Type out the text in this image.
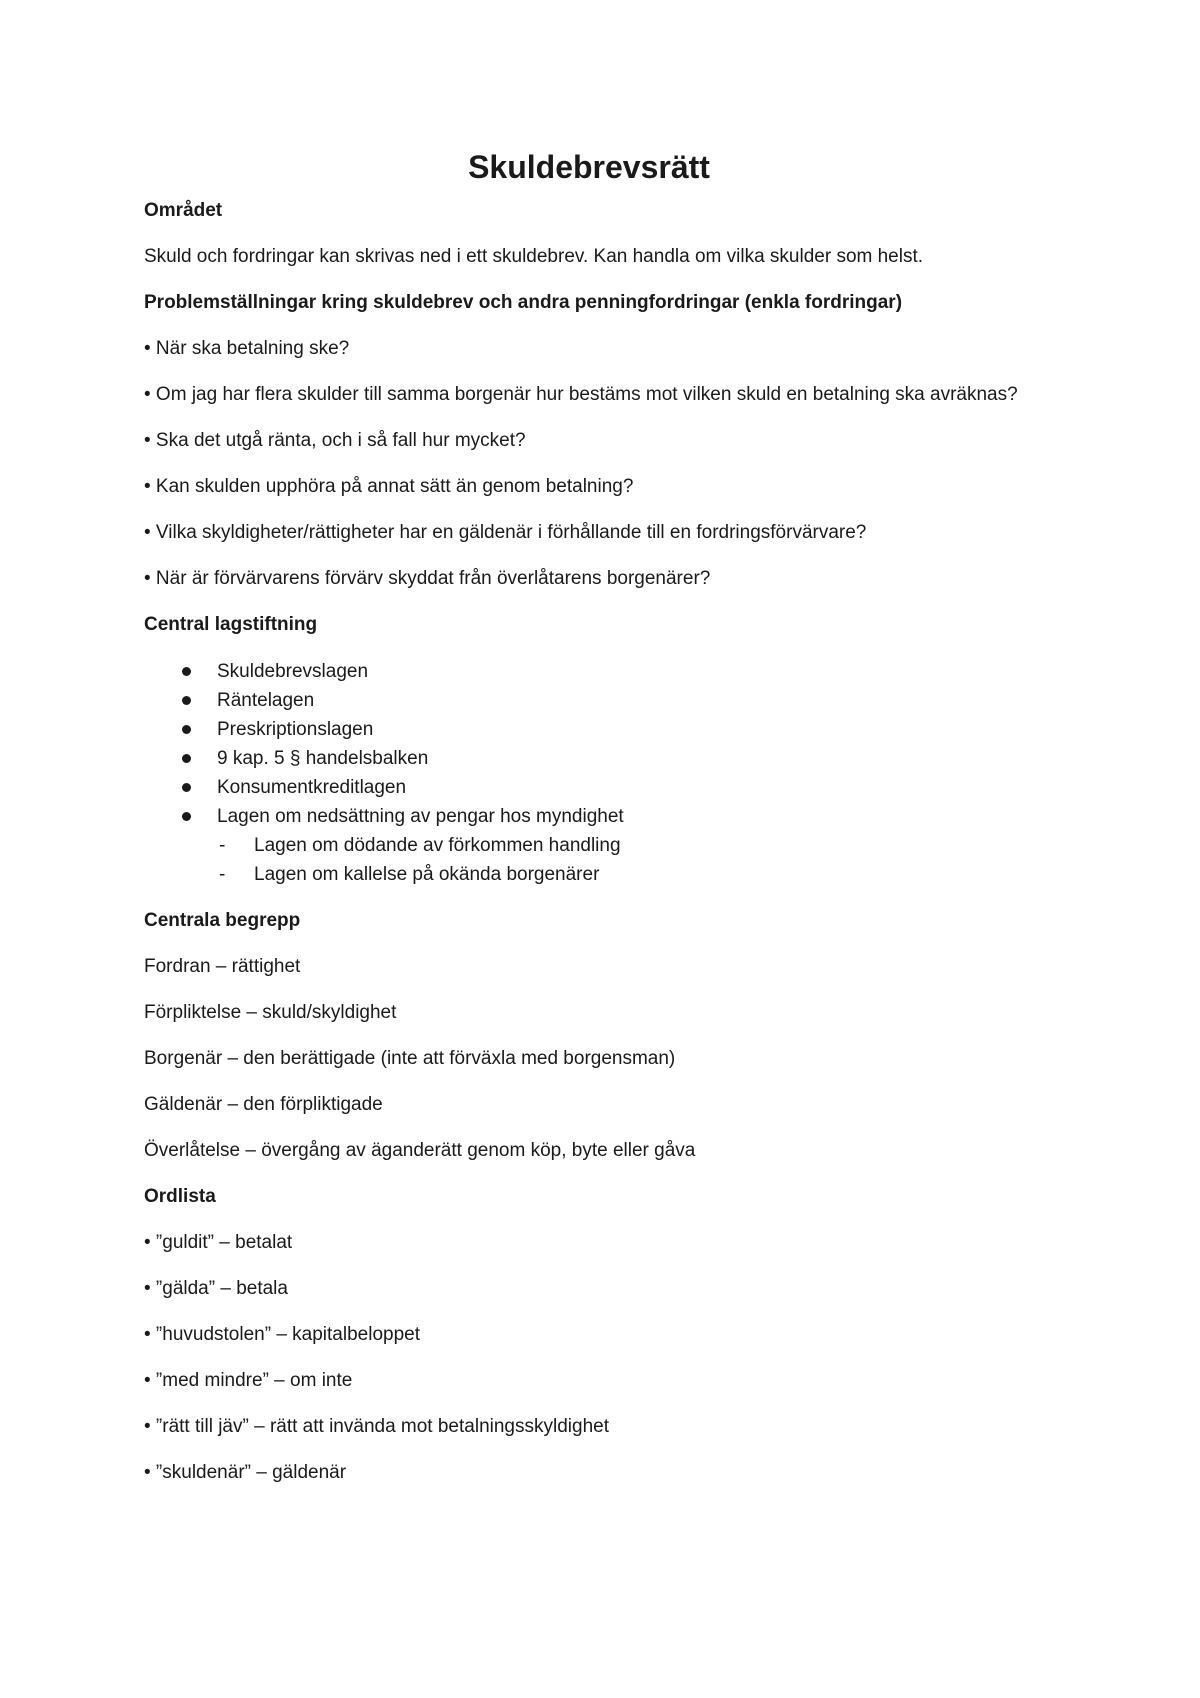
Skuldebrevsrätt
Området

Skuld och fordringar kan skrivas ned i ett skuldebrev. Kan handla om vilka skulder som helst.

Problemställningar kring skuldebrev och andra penningfordringar (enkla fordringar)

• När ska betalning ske?

• Om jag har flera skulder till samma borgenär hur bestäms mot vilken skuld en betalning ska avräknas?

• Ska det utgå ränta, och i så fall hur mycket?

• Kan skulden upphöra på annat sätt än genom betalning?

• Vilka skyldigheter/rättigheter har en gäldenär i förhållande till en fordringsförvärvare?

• När är förvärvarens förvärv skyddat från överlåtarens borgenärer?

Central lagstiftning
Skuldebrevslagen
Räntelagen
Preskriptionslagen
9 kap. 5 § handelsbalken
Konsumentkreditlagen
Lagen om nedsättning av pengar hos myndighet
- Lagen om dödande av förkommen handling
- Lagen om kallelse på okända borgenärer
Centrala begrepp

Fordran – rättighet

Förpliktelse – skuld/skyldighet

Borgenär – den berättigade (inte att förväxla med borgensman)

Gäldenär – den förpliktigade

Överlåtelse – övergång av äganderätt genom köp, byte eller gåva

Ordlista

• ”guldit” – betalat

• ”gälda” – betala

• ”huvudstolen” – kapitalbeloppet

• ”med mindre” – om inte

• ”rätt till jäv” – rätt att invända mot betalningsskyldighet

• ”skuldenär” – gäldenär
